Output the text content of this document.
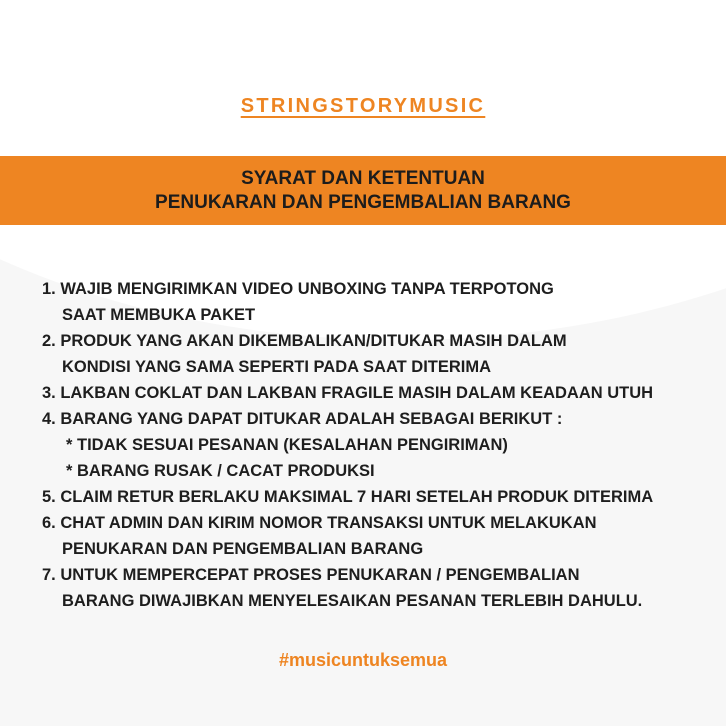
STRINGSTORYMUSIC
SYARAT DAN KETENTUAN
PENUKARAN DAN PENGEMBALIAN BARANG
1. WAJIB MENGIRIMKAN VIDEO UNBOXING TANPA TERPOTONG
SAAT MEMBUKA PAKET
2. PRODUK YANG AKAN DIKEMBALIKAN/DITUKAR MASIH DALAM
KONDISI YANG SAMA SEPERTI PADA SAAT DITERIMA
3. LAKBAN COKLAT DAN LAKBAN FRAGILE MASIH DALAM KEADAAN UTUH
4. BARANG YANG DAPAT DITUKAR ADALAH SEBAGAI BERIKUT :
* TIDAK SESUAI PESANAN (KESALAHAN PENGIRIMAN)
* BARANG RUSAK / CACAT PRODUKSI
5. CLAIM RETUR BERLAKU MAKSIMAL 7 HARI SETELAH PRODUK DITERIMA
6. CHAT ADMIN DAN KIRIM NOMOR TRANSAKSI UNTUK MELAKUKAN
PENUKARAN DAN PENGEMBALIAN BARANG
7. UNTUK MEMPERCEPAT PROSES PENUKARAN / PENGEMBALIAN
BARANG DIWAJIBKAN MENYELESAIKAN PESANAN TERLEBIH DAHULU.
#musicuntuksemua
